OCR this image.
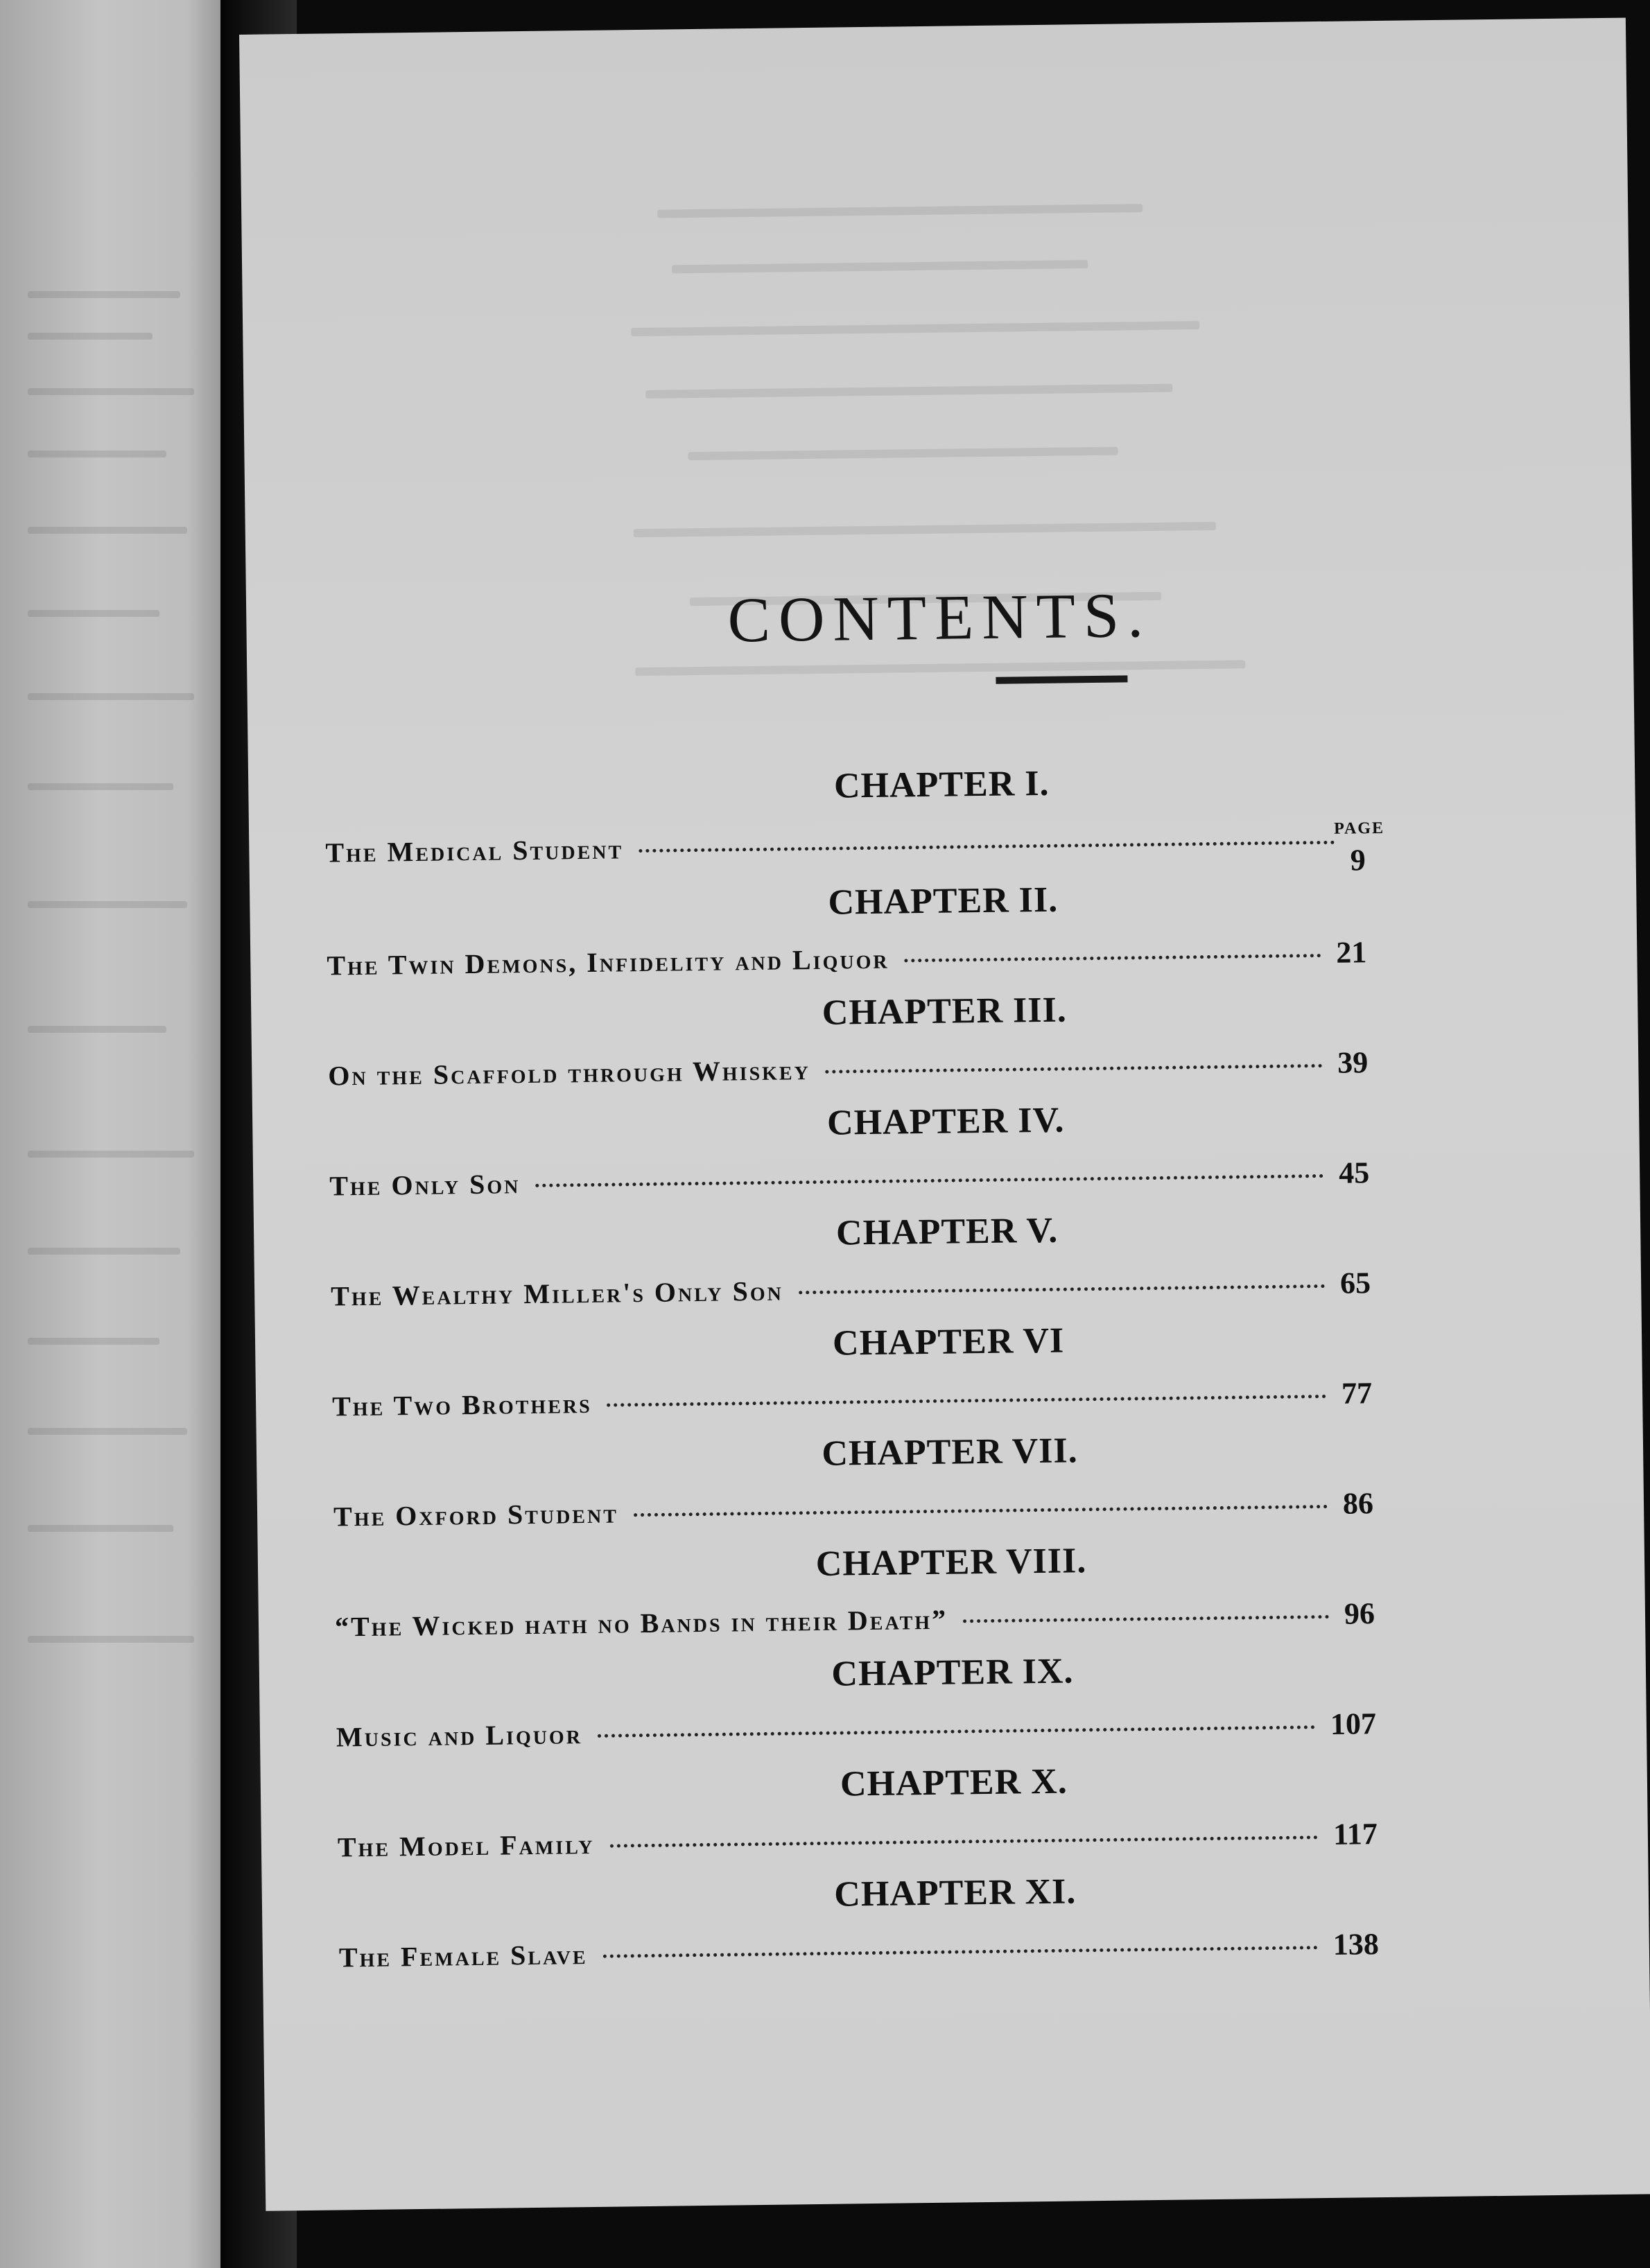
CONTENTS.
PAGE
CHAPTER I.
The Medical Student	9
CHAPTER II.
The Twin Demons, Infidelity and Liquor	21
CHAPTER III.
On the Scaffold through Whiskey	39
CHAPTER IV.
The Only Son	45
CHAPTER V.
The Wealthy Miller's Only Son	65
CHAPTER VI
The Two Brothers	77
CHAPTER VII.
The Oxford Student	86
CHAPTER VIII.
“The Wicked hath no Bands in their Death”	96
CHAPTER IX.
Music and Liquor	107
CHAPTER X.
The Model Family	117
CHAPTER XI.
The Female Slave	138
